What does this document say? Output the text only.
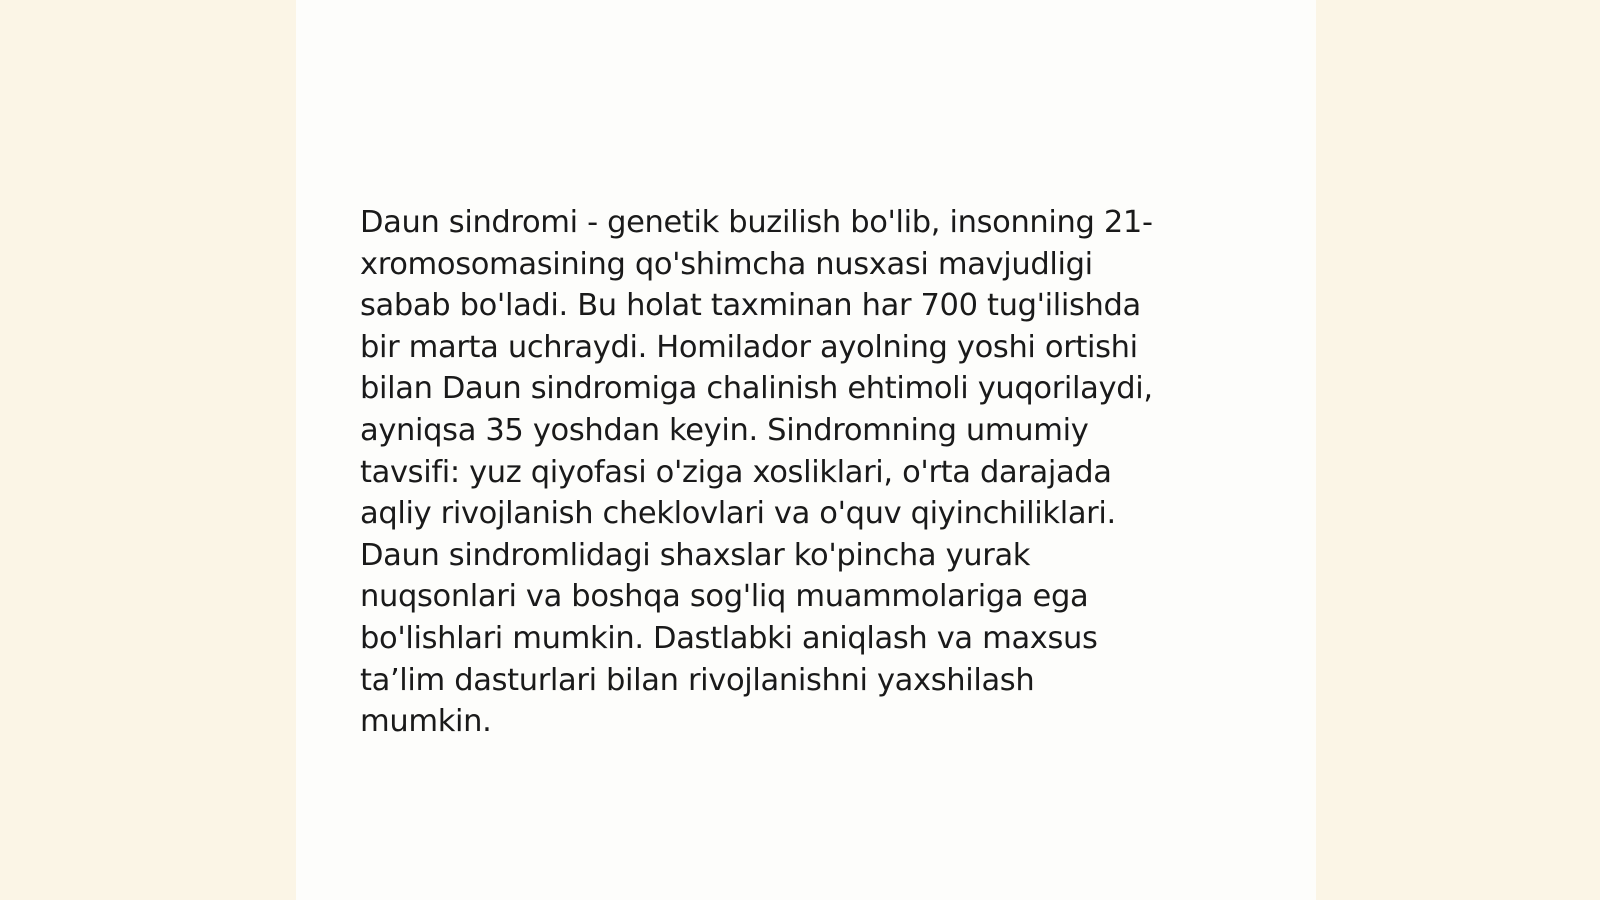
Daun sindromi - genetik buzilish bo'lib, insonning 21-
xromosomasining qo'shimcha nusxasi mavjudligi
sabab bo'ladi. Bu holat taxminan har 700 tug'ilishda
bir marta uchraydi. Homilador ayolning yoshi ortishi
bilan Daun sindromiga chalinish ehtimoli yuqorilaydi,
ayniqsa 35 yoshdan keyin. Sindromning umumiy
tavsifi: yuz qiyofasi o'ziga xosliklari, o'rta darajada
aqliy rivojlanish cheklovlari va o'quv qiyinchiliklari.
Daun sindromlidagi shaxslar ko'pincha yurak
nuqsonlari va boshqa sog'liq muammolariga ega
bo'lishlari mumkin. Dastlabki aniqlash va maxsus
ta’lim dasturlari bilan rivojlanishni yaxshilash
mumkin.
